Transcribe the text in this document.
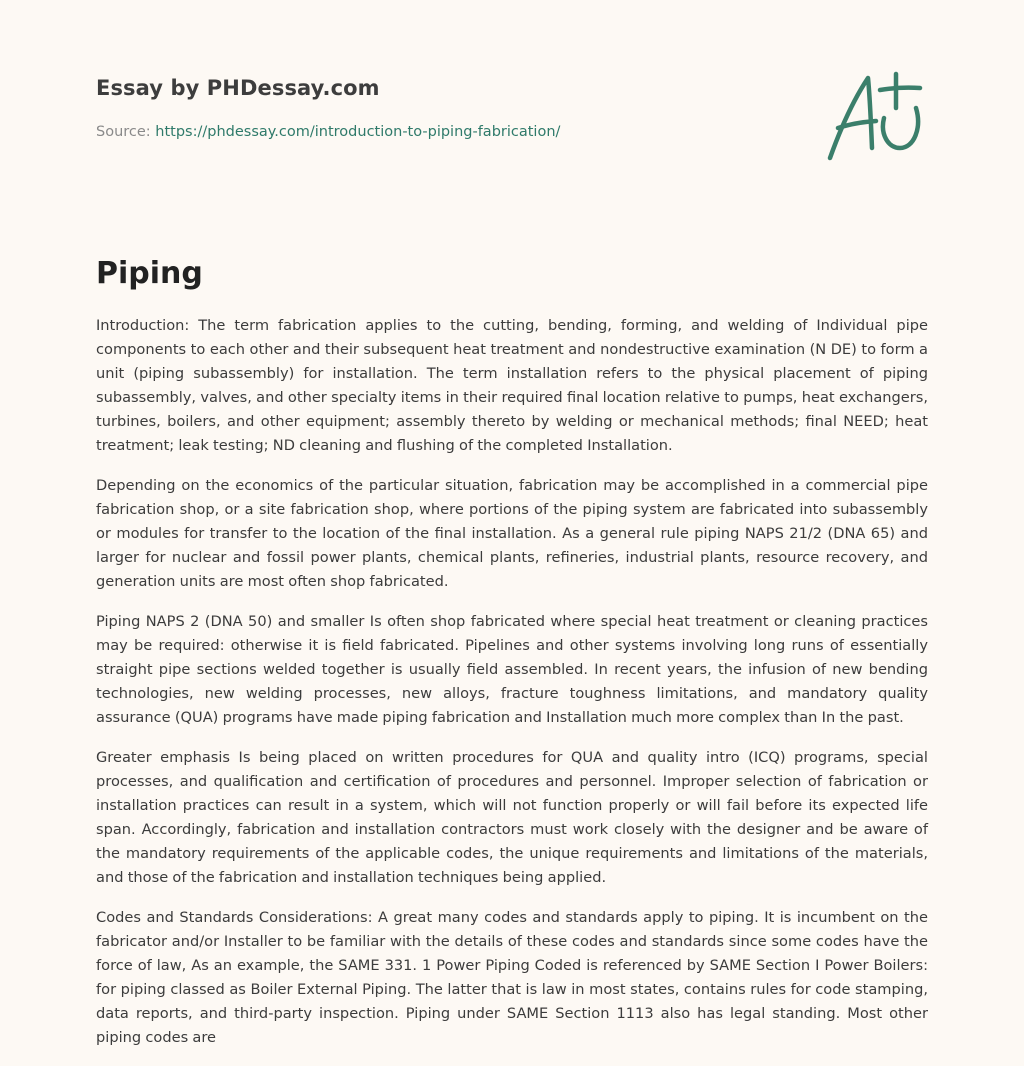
Essay by PHDessay.com
Source: https://phdessay.com/introduction-to-piping-fabrication/
Piping

Introduction: The term fabrication applies to the cutting, bending, forming, and welding of Individual pipe components to each other and their subsequent heat treatment and nondestructive examination (N DE) to form a unit (piping subassembly) for installation. The term installation refers to the physical placement of piping subassembly, valves, and other specialty items in their required final location relative to pumps, heat exchangers, turbines, boilers, and other equipment; assembly thereto by welding or mechanical methods; final NEED; heat treatment; leak testing; ND cleaning and flushing of the completed Installation.

Depending on the economics of the particular situation, fabrication may be accomplished in a commercial pipe fabrication shop, or a site fabrication shop, where portions of the piping system are fabricated into subassembly or modules for transfer to the location of the final installation. As a general rule piping NAPS 21/2 (DNA 65) and larger for nuclear and fossil power plants, chemical plants, refineries, industrial plants, resource recovery, and generation units are most often shop fabricated.

Piping NAPS 2 (DNA 50) and smaller Is often shop fabricated where special heat treatment or cleaning practices may be required: otherwise it is field fabricated. Pipelines and other systems involving long runs of essentially straight pipe sections welded together is usually field assembled. In recent years, the infusion of new bending technologies, new welding processes, new alloys, fracture toughness limitations, and mandatory quality assurance (QUA) programs have made piping fabrication and Installation much more complex than In the past.

Greater emphasis Is being placed on written procedures for QUA and quality intro (ICQ) programs, special processes, and qualification and certification of procedures and personnel. Improper selection of fabrication or installation practices can result in a system, which will not function properly or will fail before its expected life span. Accordingly, fabrication and installation contractors must work closely with the designer and be aware of the mandatory requirements of the applicable codes, the unique requirements and limitations of the materials, and those of the fabrication and installation techniques being applied.

Codes and Standards Considerations: A great many codes and standards apply to piping. It is incumbent on the fabricator and/or Installer to be familiar with the details of these codes and standards since some codes have the force of law, As an example, the SAME 331. 1 Power Piping Coded is referenced by SAME Section I Power Boilers: for piping classed as Boiler External Piping. The latter that is law in most states, contains rules for code stamping, data reports, and third-party inspection. Piping under SAME Section 1113 also has legal standing. Most other piping codes are
